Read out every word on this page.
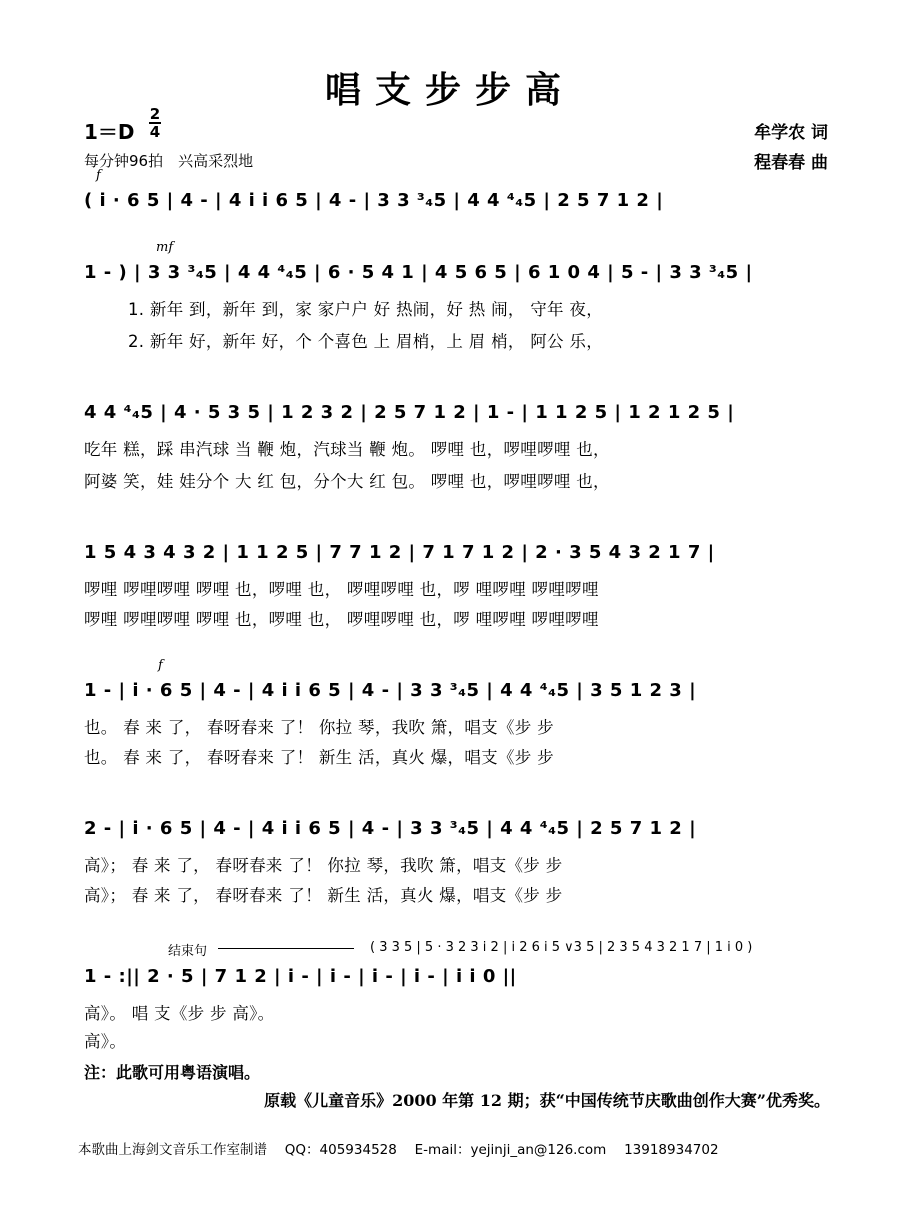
唱支步步高
1＝D
2
4
每分钟96拍　兴高采烈地
牟学农 词
程春春 曲
f
( i · 6 5 | 4 - | 4 i i 6 5 | 4 - | 3 3 ³₄5 | 4 4 ⁴₄5 | 2 5 7 1 2 |
mf
1 - ) | 3 3 ³₄5 | 4 4 ⁴₄5 | 6 · 5 4 1 | 4 5 6 5 | 6 1 0 4 | 5 - | 3 3 ³₄5 |
1. 新年 到，新年 到，家 家户户 好 热闹，好 热 闹， 守年 夜，
2. 新年 好，新年 好，个 个喜色 上 眉梢，上 眉 梢， 阿公 乐，
4 4 ⁴₄5 | 4 · 5 3 5 | 1 2 3 2 | 2 5 7 1 2 | 1 - | 1 1 2 5 | 1 2 1 2 5 |
吃年 糕，踩 串汽球 当 鞭 炮，汽球当 鞭 炮。 啰哩 也，啰哩啰哩 也，
阿婆 笑，娃 娃分个 大 红 包，分个大 红 包。 啰哩 也，啰哩啰哩 也，
1 5 4 3 4 3 2 | 1 1 2 5 | 7 7 1 2 | 7 1 7 1 2 | 2 · 3 5 4 3 2 1 7 |
啰哩 啰哩啰哩 啰哩 也，啰哩 也， 啰哩啰哩 也，啰 哩啰哩 啰哩啰哩
啰哩 啰哩啰哩 啰哩 也，啰哩 也， 啰哩啰哩 也，啰 哩啰哩 啰哩啰哩
f
1 - | i · 6 5 | 4 - | 4 i i 6 5 | 4 - | 3 3 ³₄5 | 4 4 ⁴₄5 | 3 5 1 2 3 |
也。 春 来 了， 春呀春来 了！ 你拉 琴，我吹 箫，唱支《步 步
也。 春 来 了， 春呀春来 了！ 新生 活，真火 爆，唱支《步 步
2 - | i · 6 5 | 4 - | 4 i i 6 5 | 4 - | 3 3 ³₄5 | 4 4 ⁴₄5 | 2 5 7 1 2 |
高》； 春 来 了， 春呀春来 了！ 你拉 琴，我吹 箫，唱支《步 步
高》； 春 来 了， 春呀春来 了！ 新生 活，真火 爆，唱支《步 步
结束句	( 3 3 5 | 5 · 3 2 3 i 2 | i 2 6 i 5 ∨3 5 | 2 3 5 4 3 2 1 7 | 1 i 0 )
1 - :|| 2 · 5 | 7 1 2 | i - | i - | i - | i - | i i 0 ||
高》。 唱 支《步 步 高》。
高》。
注：此歌可用粤语演唱。
原载《儿童音乐》2000 年第 12 期；获“中国传统节庆歌曲创作大赛”优秀奖。
本歌曲上海剑文音乐工作室制谱　 QQ：405934528　 E-mail：yejinji_an@126.com　 13918934702
